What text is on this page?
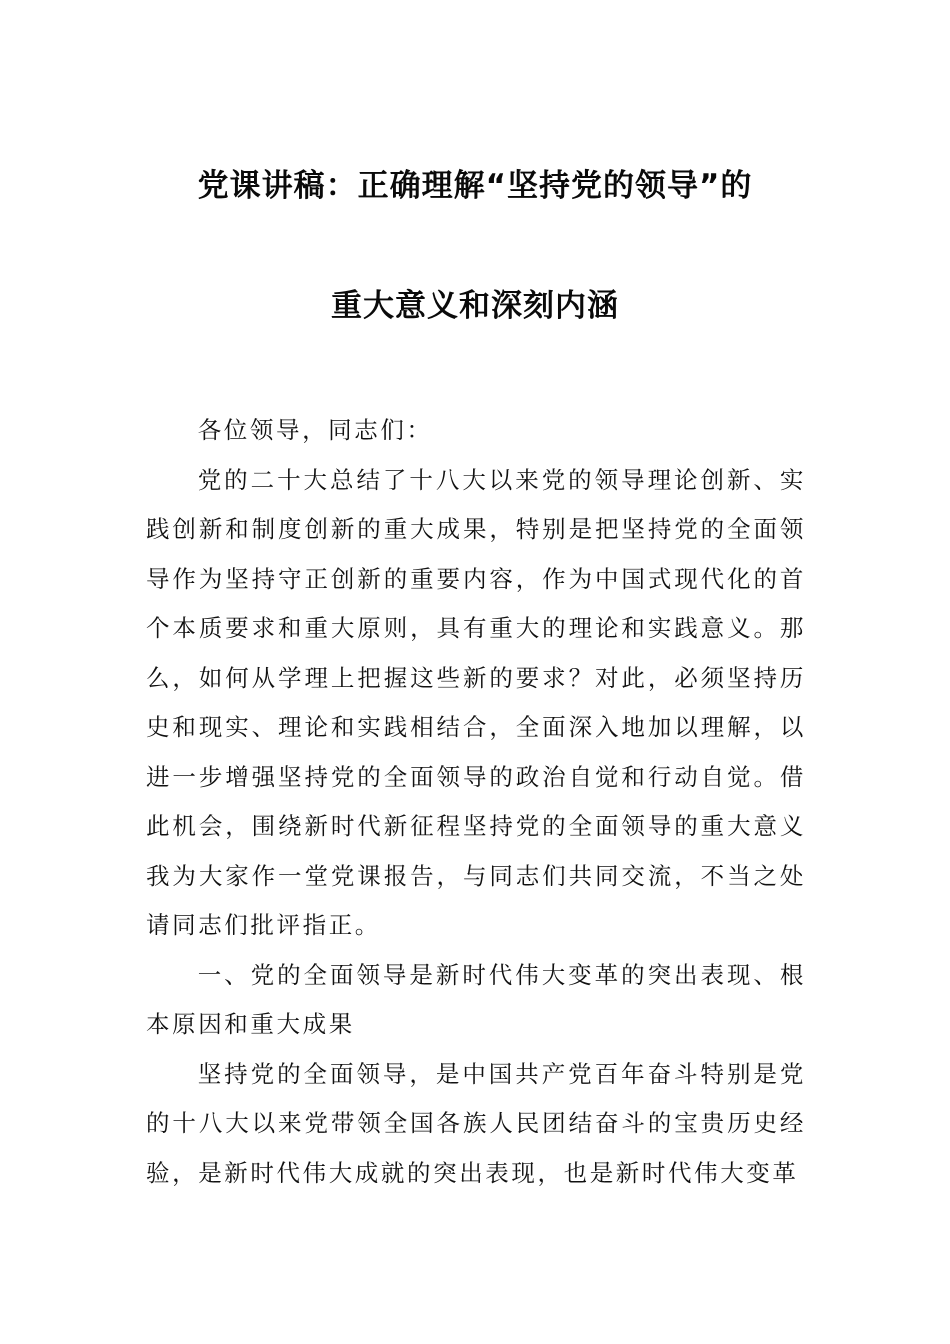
党课讲稿：正确理解“坚持党的领导”的
重大意义和深刻内涵

各位领导，同志们：

党的二十大总结了十八大以来党的领导理论创新、实践创新和制度创新的重大成果，特别是把坚持党的全面领导作为坚持守正创新的重要内容，作为中国式现代化的首个本质要求和重大原则，具有重大的理论和实践意义。那么，如何从学理上把握这些新的要求？对此，必须坚持历史和现实、理论和实践相结合，全面深入地加以理解，以进一步增强坚持党的全面领导的政治自觉和行动自觉。借此机会，围绕新时代新征程坚持党的全面领导的重大意义我为大家作一堂党课报告，与同志们共同交流，不当之处请同志们批评指正。

一、党的全面领导是新时代伟大变革的突出表现、根本原因和重大成果

坚持党的全面领导，是中国共产党百年奋斗特别是党的十八大以来党带领全国各族人民团结奋斗的宝贵历史经验，是新时代伟大成就的突出表现，也是新时代伟大变革
